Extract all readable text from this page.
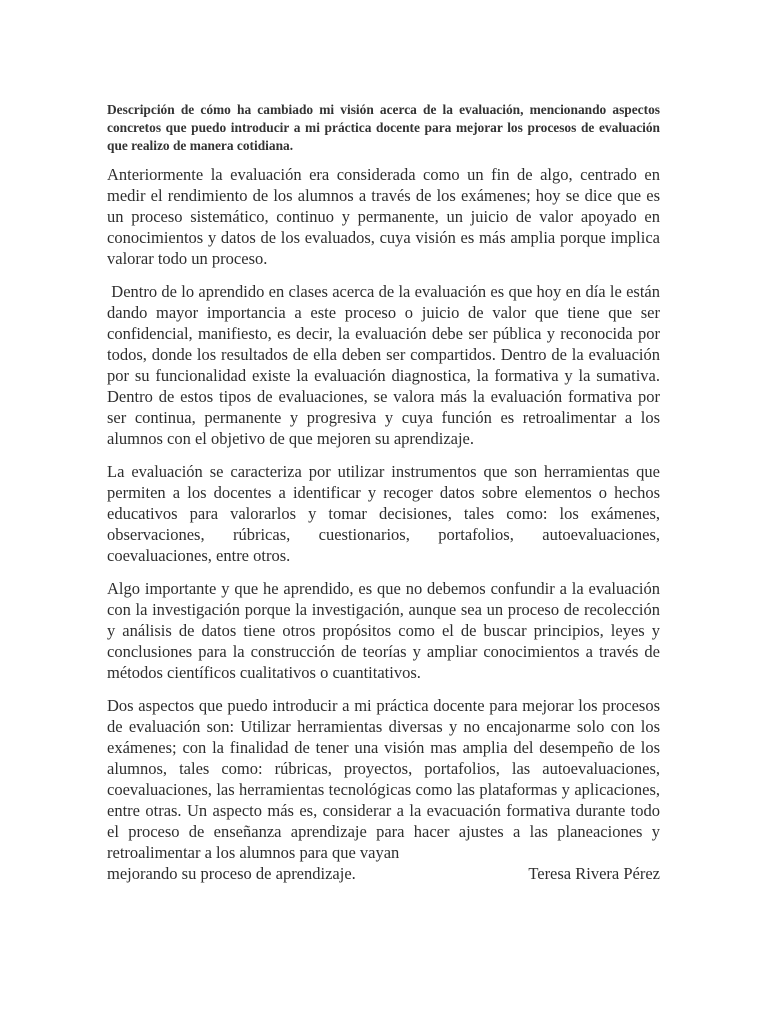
Descripción de cómo ha cambiado mi visión acerca de la evaluación, mencionando aspectos concretos que puedo introducir a mi práctica docente para mejorar los procesos de evaluación que realizo de manera cotidiana.

Anteriormente la evaluación era considerada como un fin de algo, centrado en medir el rendimiento de los alumnos a través de los exámenes; hoy se dice que es un proceso sistemático, continuo y permanente, un juicio de valor apoyado en conocimientos y datos de los evaluados, cuya visión es más amplia porque implica valorar todo un proceso.

Dentro de lo aprendido en clases acerca de la evaluación es que hoy en día le están dando mayor importancia a este proceso o juicio de valor que tiene que ser confidencial, manifiesto, es decir, la evaluación debe ser pública y reconocida por todos, donde los resultados de ella deben ser compartidos. Dentro de la evaluación por su funcionalidad existe la evaluación diagnostica, la formativa y la sumativa. Dentro de estos tipos de evaluaciones, se valora más la evaluación formativa por ser continua, permanente y progresiva y cuya función es retroalimentar a los alumnos con el objetivo de que mejoren su aprendizaje.

La evaluación se caracteriza por utilizar instrumentos que son herramientas que permiten a los docentes a identificar y recoger datos sobre elementos o hechos educativos para valorarlos y tomar decisiones, tales como: los exámenes, observaciones, rúbricas, cuestionarios, portafolios, autoevaluaciones, coevaluaciones, entre otros.

Algo importante y que he aprendido, es que no debemos confundir a la evaluación con la investigación porque la investigación, aunque sea un proceso de recolección y análisis de datos tiene otros propósitos como el de buscar principios, leyes y conclusiones para la construcción de teorías y ampliar conocimientos a través de métodos científicos cualitativos o cuantitativos.

Dos aspectos que puedo introducir a mi práctica docente para mejorar los procesos de evaluación son: Utilizar herramientas diversas y no encajonarme solo con los exámenes; con la finalidad de tener una visión mas amplia del desempeño de los alumnos, tales como: rúbricas, proyectos, portafolios, las autoevaluaciones, coevaluaciones, las herramientas tecnológicas como las plataformas y aplicaciones, entre otras. Un aspecto más es, considerar a la evacuación formativa durante todo el proceso de enseñanza aprendizaje para hacer ajustes a las planeaciones y retroalimentar a los alumnos para que vayan

mejorando su proceso de aprendizaje.	Teresa Rivera Pérez
